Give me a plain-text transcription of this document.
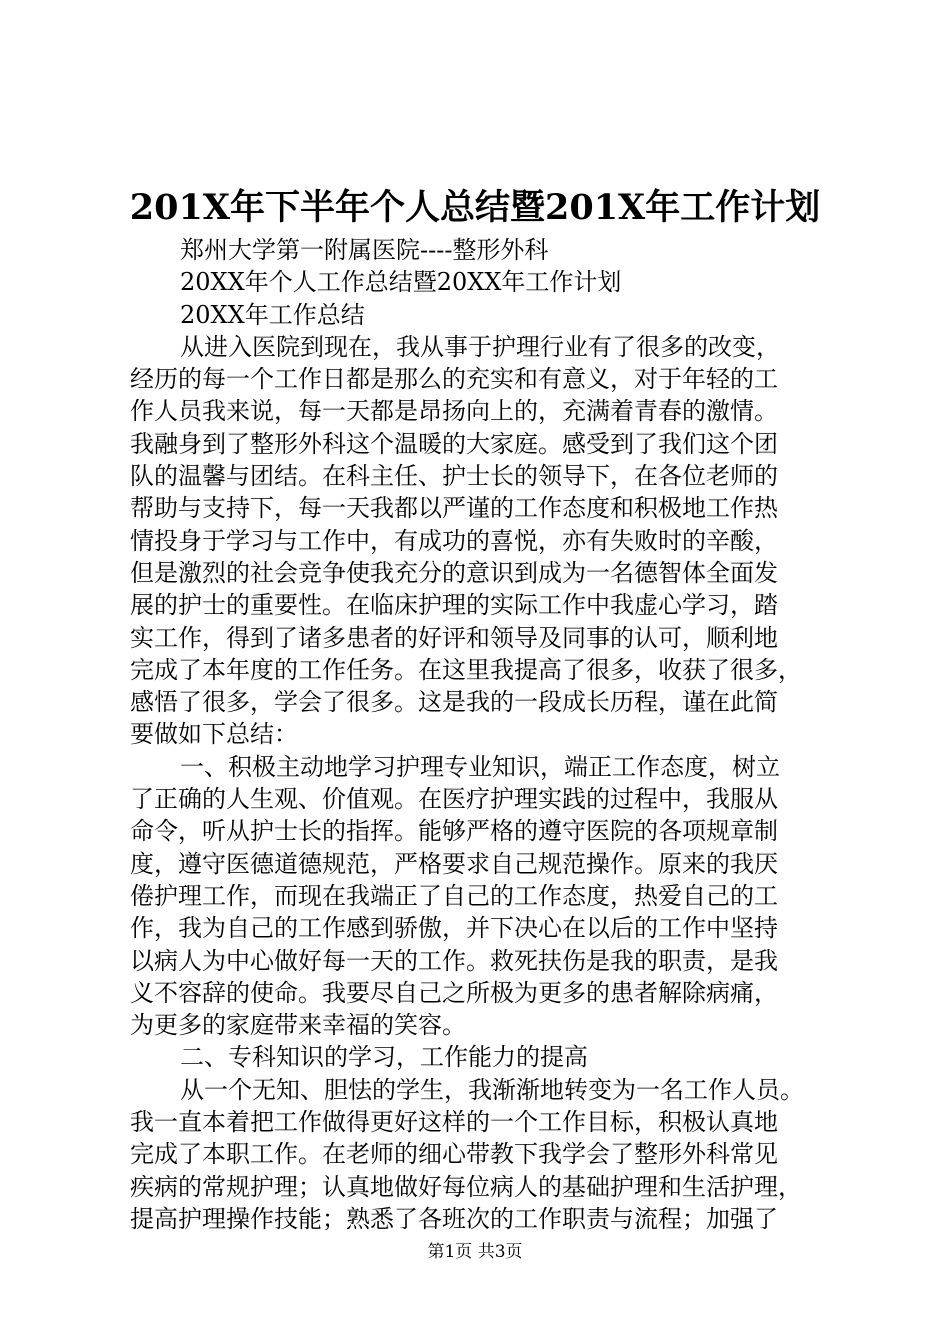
201X年下半年个人总结暨201X年工作计划
郑州大学第一附属医院----整形外科
20XX年个人工作总结暨20XX年工作计划
20XX年工作总结
从进入医院到现在，我从事于护理行业有了很多的改变，
经历的每一个工作日都是那么的充实和有意义，对于年轻的工
作人员我来说，每一天都是昂扬向上的，充满着青春的激情。
我融身到了整形外科这个温暖的大家庭。感受到了我们这个团
队的温馨与团结。在科主任、护士长的领导下，在各位老师的
帮助与支持下，每一天我都以严谨的工作态度和积极地工作热
情投身于学习与工作中，有成功的喜悦，亦有失败时的辛酸，
但是激烈的社会竞争使我充分的意识到成为一名德智体全面发
展的护士的重要性。在临床护理的实际工作中我虚心学习，踏
实工作，得到了诸多患者的好评和领导及同事的认可，顺利地
完成了本年度的工作任务。在这里我提高了很多，收获了很多，
感悟了很多，学会了很多。这是我的一段成长历程，谨在此简
要做如下总结：
一、积极主动地学习护理专业知识，端正工作态度，树立
了正确的人生观、价值观。在医疗护理实践的过程中，我服从
命令，听从护士长的指挥。能够严格的遵守医院的各项规章制
度，遵守医德道德规范，严格要求自己规范操作。原来的我厌
倦护理工作，而现在我端正了自己的工作态度，热爱自己的工
作，我为自己的工作感到骄傲，并下决心在以后的工作中坚持
以病人为中心做好每一天的工作。救死扶伤是我的职责，是我
义不容辞的使命。我要尽自己之所极为更多的患者解除病痛，
为更多的家庭带来幸福的笑容。
二、专科知识的学习，工作能力的提高
从一个无知、胆怯的学生，我渐渐地转变为一名工作人员。
我一直本着把工作做得更好这样的一个工作目标，积极认真地
完成了本职工作。在老师的细心带教下我学会了整形外科常见
疾病的常规护理；认真地做好每位病人的基础护理和生活护理，
提高护理操作技能；熟悉了各班次的工作职责与流程；加强了
第1页 共3页
